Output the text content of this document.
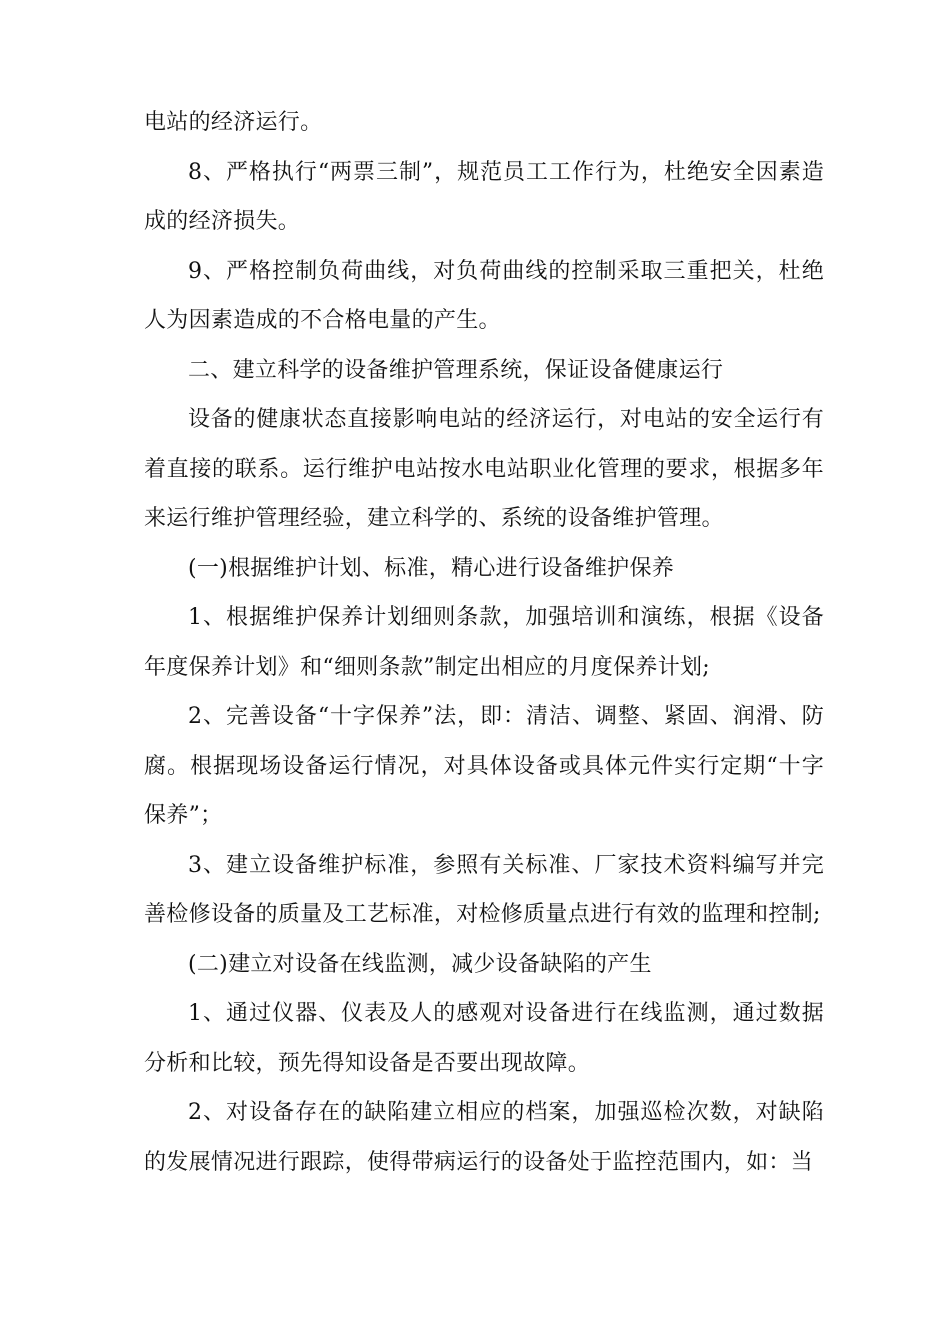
电站的经济运行。

8、严格执行“两票三制”，规范员工工作行为，杜绝安全因素造成的经济损失。

9、严格控制负荷曲线，对负荷曲线的控制采取三重把关，杜绝人为因素造成的不合格电量的产生。

二、建立科学的设备维护管理系统，保证设备健康运行

设备的健康状态直接影响电站的经济运行，对电站的安全运行有着直接的联系。运行维护电站按水电站职业化管理的要求，根据多年来运行维护管理经验，建立科学的、系统的设备维护管理。

(一)根据维护计划、标准，精心进行设备维护保养

1、根据维护保养计划细则条款，加强培训和演练，根据《设备年度保养计划》和“细则条款”制定出相应的月度保养计划;

2、完善设备“十字保养”法，即：清洁、调整、紧固、润滑、防腐。根据现场设备运行情况，对具体设备或具体元件实行定期“十字保养”；

3、建立设备维护标准，参照有关标准、厂家技术资料编写并完善检修设备的质量及工艺标准，对检修质量点进行有效的监理和控制;

(二)建立对设备在线监测，减少设备缺陷的产生

1、通过仪器、仪表及人的感观对设备进行在线监测，通过数据分析和比较，预先得知设备是否要出现故障。

2、对设备存在的缺陷建立相应的档案，加强巡检次数，对缺陷的发展情况进行跟踪，使得带病运行的设备处于监控范围内，如：当
